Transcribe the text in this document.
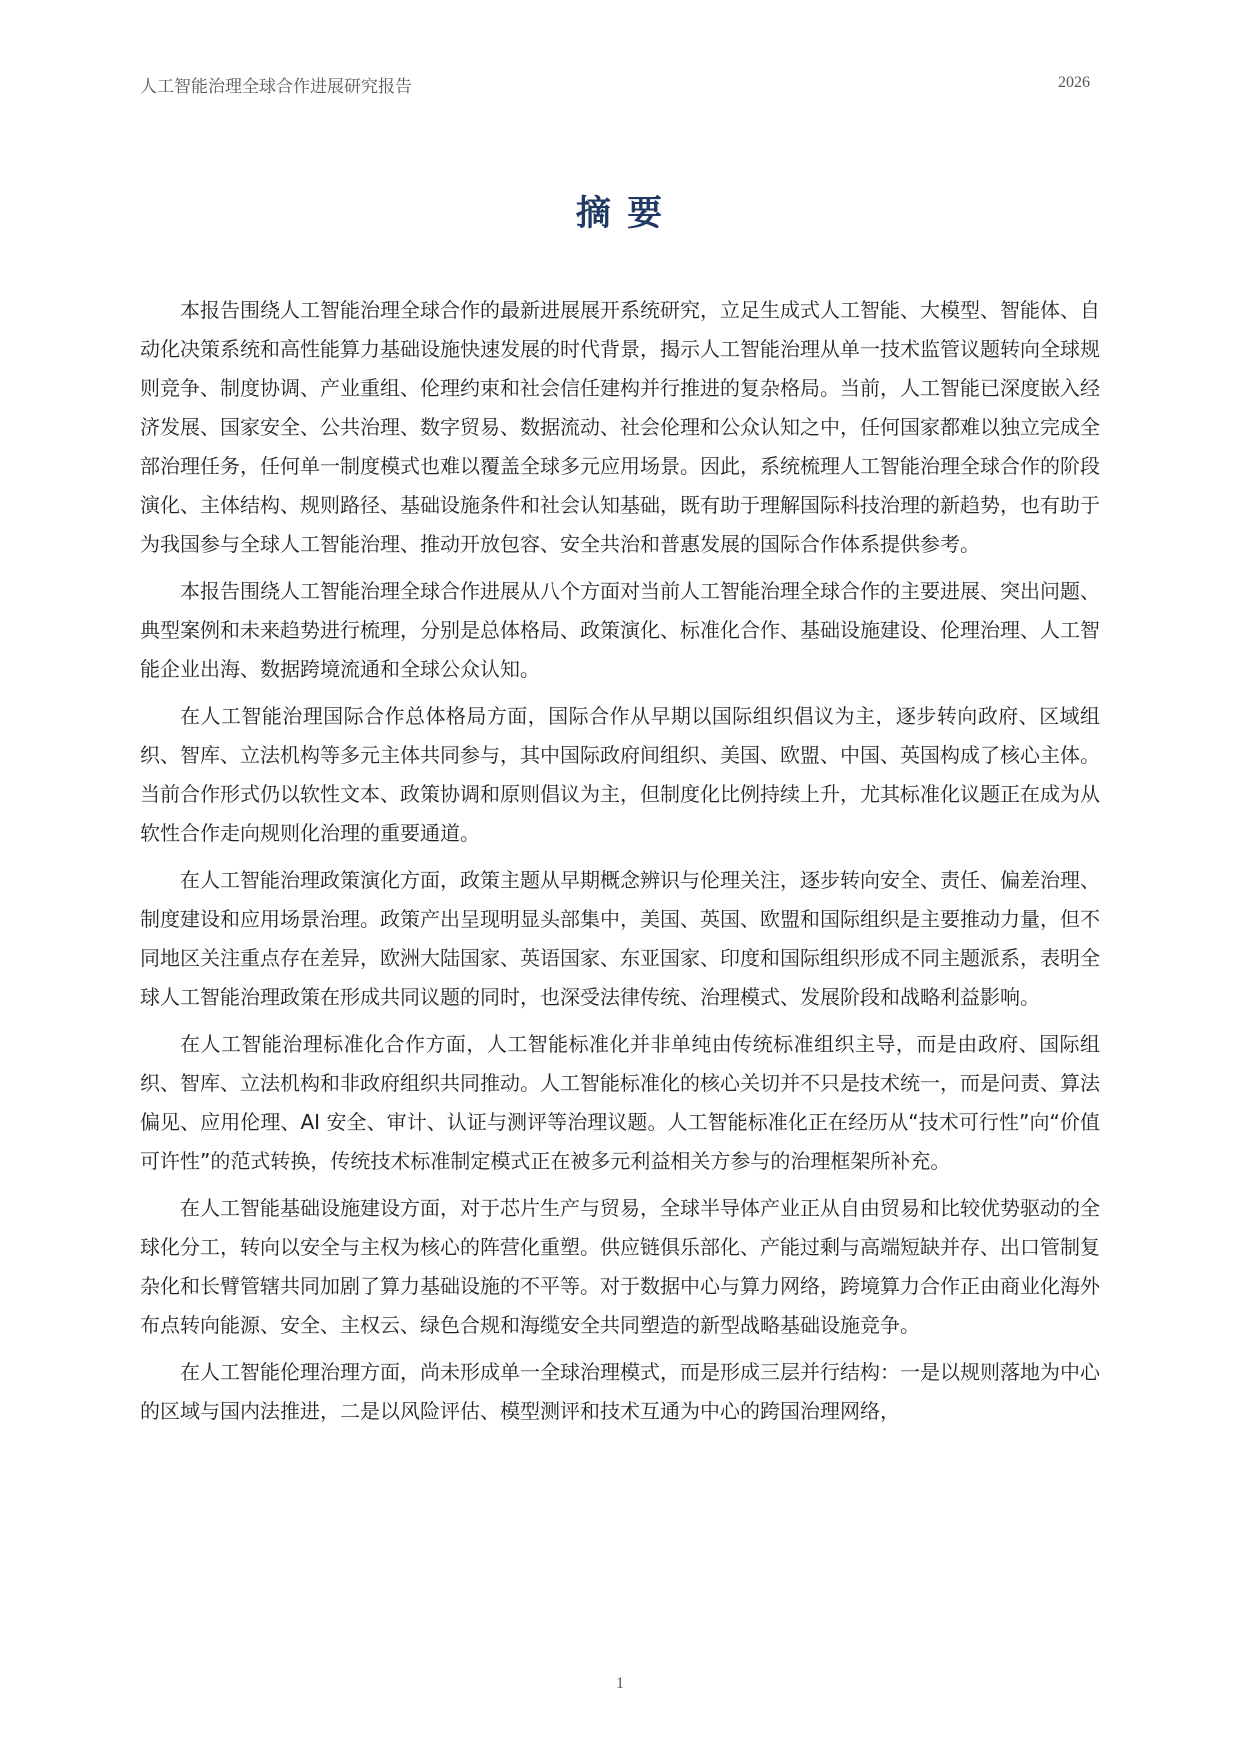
人工智能治理全球合作进展研究报告	2026
摘 要

本报告围绕人工智能治理全球合作的最新进展展开系统研究，立足生成式人工智能、大模型、智能体、自动化决策系统和高性能算力基础设施快速发展的时代背景，揭示人工智能治理从单一技术监管议题转向全球规则竞争、制度协调、产业重组、伦理约束和社会信任建构并行推进的复杂格局。当前，人工智能已深度嵌入经济发展、国家安全、公共治理、数字贸易、数据流动、社会伦理和公众认知之中，任何国家都难以独立完成全部治理任务，任何单一制度模式也难以覆盖全球多元应用场景。因此，系统梳理人工智能治理全球合作的阶段演化、主体结构、规则路径、基础设施条件和社会认知基础，既有助于理解国际科技治理的新趋势，也有助于为我国参与全球人工智能治理、推动开放包容、安全共治和普惠发展的国际合作体系提供参考。

本报告围绕人工智能治理全球合作进展从八个方面对当前人工智能治理全球合作的主要进展、突出问题、典型案例和未来趋势进行梳理，分别是总体格局、政策演化、标准化合作、基础设施建设、伦理治理、人工智能企业出海、数据跨境流通和全球公众认知。

在人工智能治理国际合作总体格局方面，国际合作从早期以国际组织倡议为主，逐步转向政府、区域组织、智库、立法机构等多元主体共同参与，其中国际政府间组织、美国、欧盟、中国、英国构成了核心主体。当前合作形式仍以软性文本、政策协调和原则倡议为主，但制度化比例持续上升，尤其标准化议题正在成为从软性合作走向规则化治理的重要通道。

在人工智能治理政策演化方面，政策主题从早期概念辨识与伦理关注，逐步转向安全、责任、偏差治理、制度建设和应用场景治理。政策产出呈现明显头部集中，美国、英国、欧盟和国际组织是主要推动力量，但不同地区关注重点存在差异，欧洲大陆国家、英语国家、东亚国家、印度和国际组织形成不同主题派系，表明全球人工智能治理政策在形成共同议题的同时，也深受法律传统、治理模式、发展阶段和战略利益影响。

在人工智能治理标准化合作方面，人工智能标准化并非单纯由传统标准组织主导，而是由政府、国际组织、智库、立法机构和非政府组织共同推动。人工智能标准化的核心关切并不只是技术统一，而是问责、算法偏见、应用伦理、AI 安全、审计、认证与测评等治理议题。人工智能标准化正在经历从“技术可行性”向“价值可许性”的范式转换，传统技术标准制定模式正在被多元利益相关方参与的治理框架所补充。

在人工智能基础设施建设方面，对于芯片生产与贸易，全球半导体产业正从自由贸易和比较优势驱动的全球化分工，转向以安全与主权为核心的阵营化重塑。供应链俱乐部化、产能过剩与高端短缺并存、出口管制复杂化和长臂管辖共同加剧了算力基础设施的不平等。对于数据中心与算力网络，跨境算力合作正由商业化海外布点转向能源、安全、主权云、绿色合规和海缆安全共同塑造的新型战略基础设施竞争。

在人工智能伦理治理方面，尚未形成单一全球治理模式，而是形成三层并行结构：一是以规则落地为中心的区域与国内法推进，二是以风险评估、模型测评和技术互通为中心的跨国治理网络，

1
